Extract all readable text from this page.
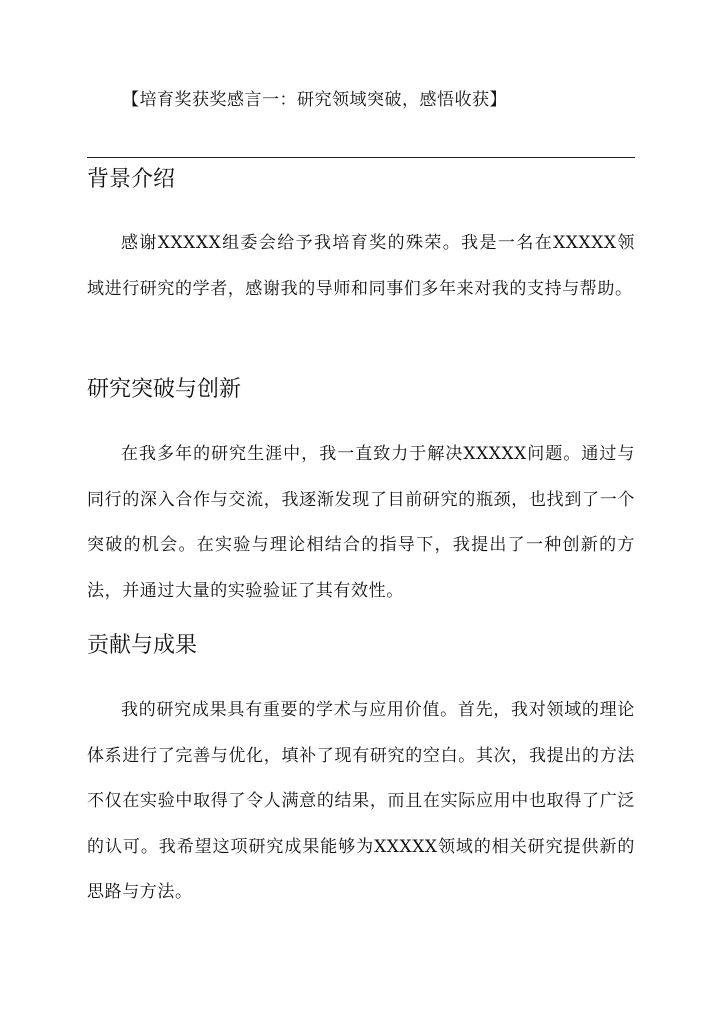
【培育奖获奖感言一：研究领域突破，感悟收获】
背景介绍

感谢XXXXX组委会给予我培育奖的殊荣。我是一名在XXXXX领域进行研究的学者，感谢我的导师和同事们多年来对我的支持与帮助。

研究突破与创新

在我多年的研究生涯中，我一直致力于解决XXXXX问题。通过与同行的深入合作与交流，我逐渐发现了目前研究的瓶颈，也找到了一个突破的机会。在实验与理论相结合的指导下，我提出了一种创新的方法，并通过大量的实验验证了其有效性。

贡献与成果

我的研究成果具有重要的学术与应用价值。首先，我对领域的理论体系进行了完善与优化，填补了现有研究的空白。其次，我提出的方法不仅在实验中取得了令人满意的结果，而且在实际应用中也取得了广泛的认可。我希望这项研究成果能够为XXXXX领域的相关研究提供新的思路与方法。
